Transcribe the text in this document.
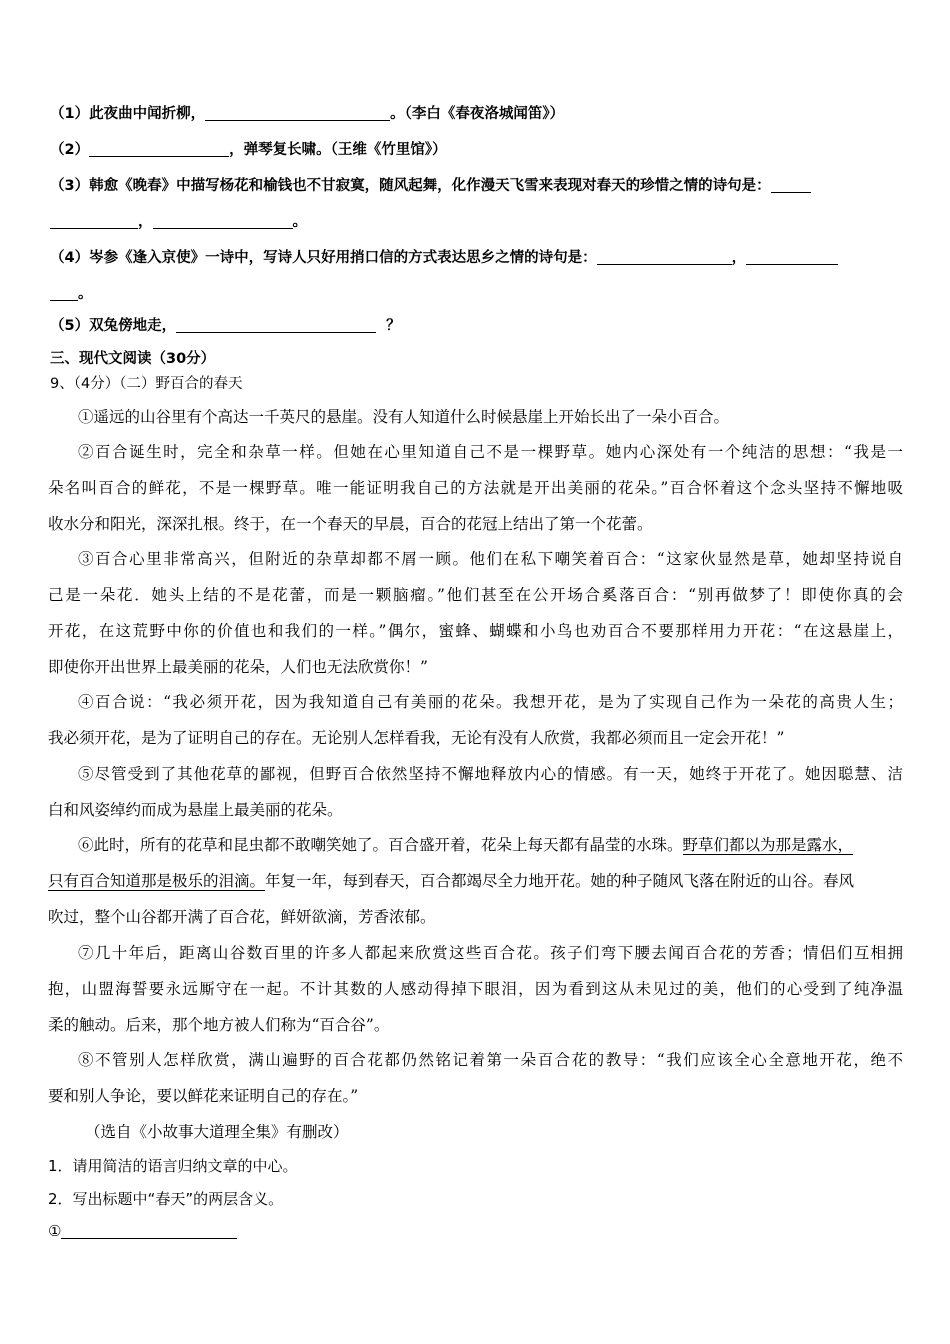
（1）此夜曲中闻折柳，	。（李白《春夜洛城闻笛》）
（2）	，弹琴复长啸。（王维《竹里馆》）
（3）韩愈《晚春》中描写杨花和榆钱也不甘寂寞，随风起舞，化作漫天飞雪来表现对春天的珍惜之情的诗句是：
，	。
（4）岑参《逢入京使》一诗中，写诗人只好用捎口信的方式表达思乡之情的诗句是：	，
。
（5）双兔傍地走，	？
三、现代文阅读（30分）
9、（4分）（二）野百合的春天
①遥远的山谷里有个高达一千英尺的悬崖。没有人知道什么时候悬崖上开始长出了一朵小百合。
②百合诞生时，完全和杂草一样。但她在心里知道自己不是一棵野草。她内心深处有一个纯洁的思想：“我是一
朵名叫百合的鲜花，不是一棵野草。唯一能证明我自己的方法就是开出美丽的花朵。”百合怀着这个念头坚持不懈地吸
收水分和阳光，深深扎根。终于，在一个春天的早晨，百合的花冠上结出了第一个花蕾。
③百合心里非常高兴，但附近的杂草却都不屑一顾。他们在私下嘲笑着百合：“这家伙显然是草，她却坚持说自
己是一朵花．她头上结的不是花蕾，而是一颗脑瘤。”他们甚至在公开场合奚落百合：“别再做梦了！即使你真的会
开花，在这荒野中你的价值也和我们的一样。”偶尔，蜜蜂、蝴蝶和小鸟也劝百合不要那样用力开花：“在这悬崖上，
即使你开出世界上最美丽的花朵，人们也无法欣赏你！”
④百合说：“我必须开花，因为我知道自己有美丽的花朵。我想开花，是为了实现自己作为一朵花的高贵人生；
我必须开花，是为了证明自己的存在。无论别人怎样看我，无论有没有人欣赏，我都必须而且一定会开花！”
⑤尽管受到了其他花草的鄙视，但野百合依然坚持不懈地释放内心的情感。有一天，她终于开花了。她因聪慧、洁
白和风姿绰约而成为悬崖上最美丽的花朵。
⑥此时，所有的花草和昆虫都不敢嘲笑她了。百合盛开着，花朵上每天都有晶莹的水珠。野草们都以为那是露水，
只有百合知道那是极乐的泪滴。年复一年，每到春天，百合都竭尽全力地开花。她的种子随风飞落在附近的山谷。春风
吹过，整个山谷都开满了百合花，鲜妍欲滴，芳香浓郁。
⑦几十年后，距离山谷数百里的许多人都起来欣赏这些百合花。孩子们弯下腰去闻百合花的芳香；情侣们互相拥
抱，山盟海誓要永远厮守在一起。不计其数的人感动得掉下眼泪，因为看到这从未见过的美，他们的心受到了纯净温
柔的触动。后来，那个地方被人们称为“百合谷”。
⑧不管别人怎样欣赏，满山遍野的百合花都仍然铭记着第一朵百合花的教导：“我们应该全心全意地开花，绝不
要和别人争论，要以鲜花来证明自己的存在。”
（选自《小故事大道理全集》有删改）
1．请用简洁的语言归纳文章的中心。
2．写出标题中“春天”的两层含义。
①
